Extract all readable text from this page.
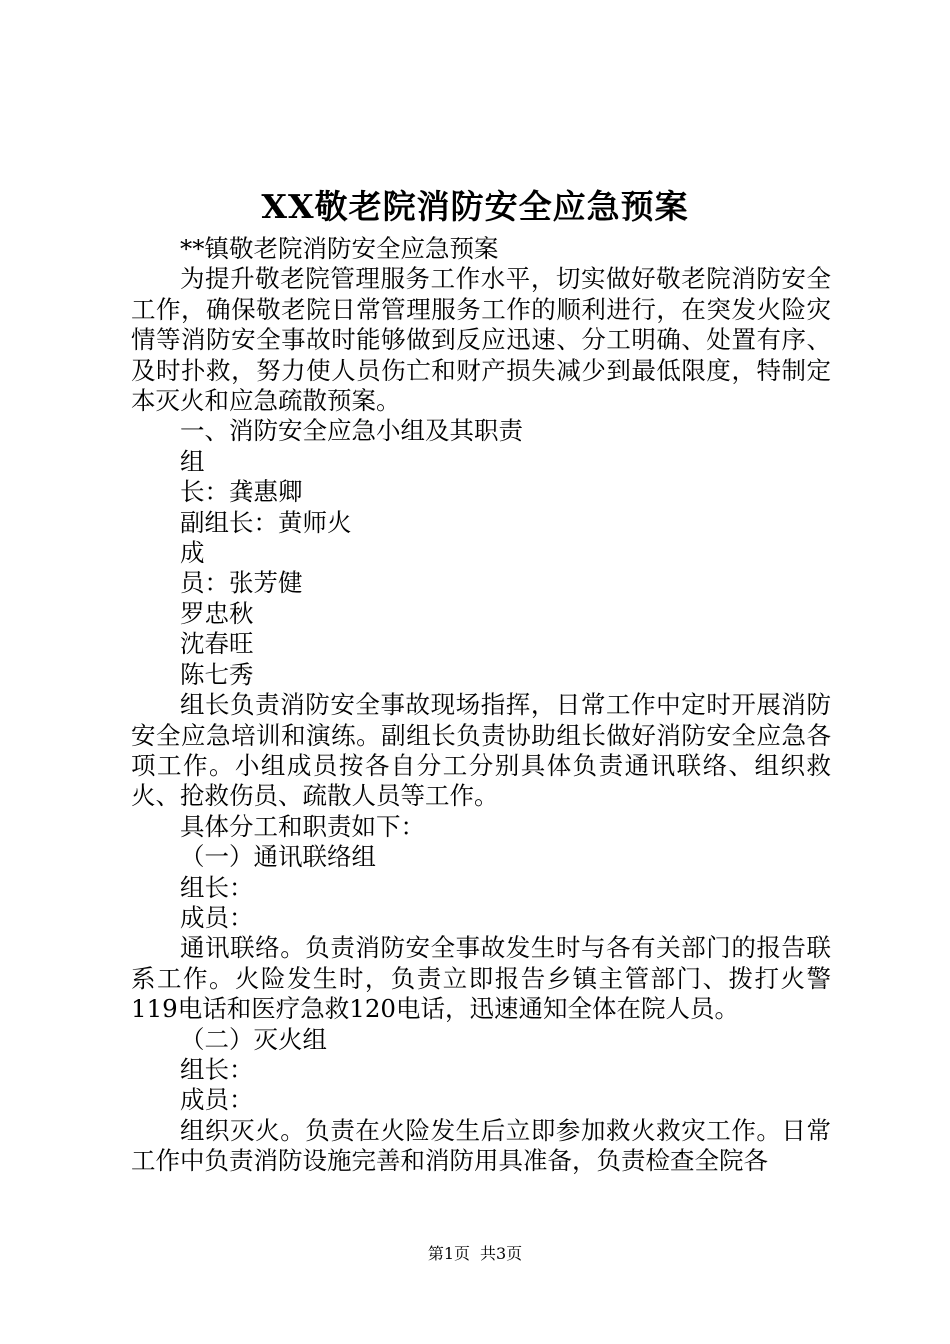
XX敬老院消防安全应急预案

**镇敬老院消防安全应急预案

为提升敬老院管理服务工作水平，切实做好敬老院消防安全工作，确保敬老院日常管理服务工作的顺利进行，在突发火险灾情等消防安全事故时能够做到反应迅速、分工明确、处置有序、及时扑救，努力使人员伤亡和财产损失减少到最低限度，特制定本灭火和应急疏散预案。

一、消防安全应急小组及其职责

组

长：龚惠卿

副组长：黄师火

成

员：张芳健

罗忠秋

沈春旺

陈七秀

组长负责消防安全事故现场指挥，日常工作中定时开展消防安全应急培训和演练。副组长负责协助组长做好消防安全应急各项工作。小组成员按各自分工分别具体负责通讯联络、组织救火、抢救伤员、疏散人员等工作。

具体分工和职责如下：

（一）通讯联络组

组长：

成员：

通讯联络。负责消防安全事故发生时与各有关部门的报告联系工作。火险发生时，负责立即报告乡镇主管部门、拨打火警119电话和医疗急救120电话，迅速通知全体在院人员。

（二）灭火组

组长：

成员：

组织灭火。负责在火险发生后立即参加救火救灾工作。日常工作中负责消防设施完善和消防用具准备，负责检查全院各

第1页 共3页
